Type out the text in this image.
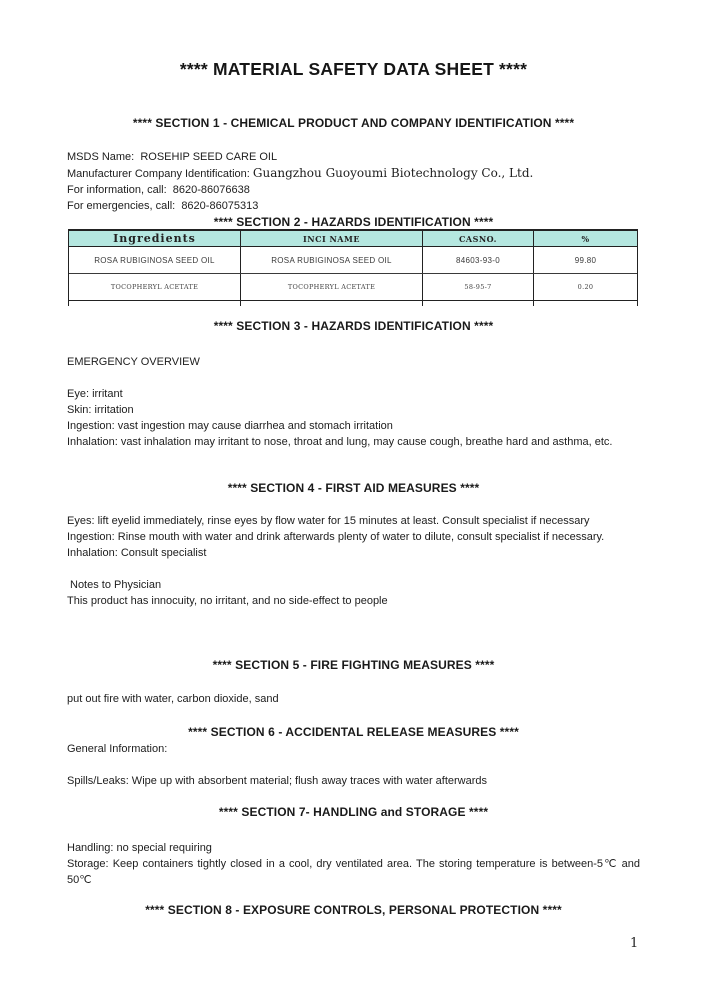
**** MATERIAL SAFETY DATA SHEET ****
**** SECTION 1 - CHEMICAL PRODUCT AND COMPANY IDENTIFICATION ****
MSDS Name:  ROSEHIP SEED CARE OIL
Manufacturer Company Identification: Guangzhou Guoyoumi Biotechnology Co., Ltd.
For information, call:  8620-86076638
For emergencies, call:  8620-86075313
**** SECTION 2 - HAZARDS IDENTIFICATION ****
Ingredients	INCI NAME	CASNO.	%
ROSA RUBIGINOSA SEED OIL	ROSA RUBIGINOSA SEED OIL	84603-93-0	99.80
TOCOPHERYL ACETATE	TOCOPHERYL ACETATE	58-95-7	0.20
**** SECTION 3 - HAZARDS IDENTIFICATION ****
EMERGENCY OVERVIEW
Eye: irritant
Skin: irritation
Ingestion: vast ingestion may cause diarrhea and stomach irritation
Inhalation: vast inhalation may irritant to nose, throat and lung, may cause cough, breathe hard and asthma, etc.
**** SECTION 4 - FIRST AID MEASURES ****
Eyes: lift eyelid immediately, rinse eyes by flow water for 15 minutes at least. Consult specialist if necessary
Ingestion: Rinse mouth with water and drink afterwards plenty of water to dilute, consult specialist if necessary.
Inhalation: Consult specialist
Notes to Physician
This product has innocuity, no irritant, and no side-effect to people
**** SECTION 5 - FIRE FIGHTING MEASURES ****
put out fire with water, carbon dioxide, sand
**** SECTION 6 - ACCIDENTAL RELEASE MEASURES ****
General Information:
Spills/Leaks: Wipe up with absorbent material; flush away traces with water afterwards
**** SECTION 7- HANDLING and STORAGE ****
Handling: no special requiring
Storage: Keep containers tightly closed in a cool, dry ventilated area. The storing temperature is between-5℃ and 50℃
**** SECTION 8 - EXPOSURE CONTROLS, PERSONAL PROTECTION ****
1
